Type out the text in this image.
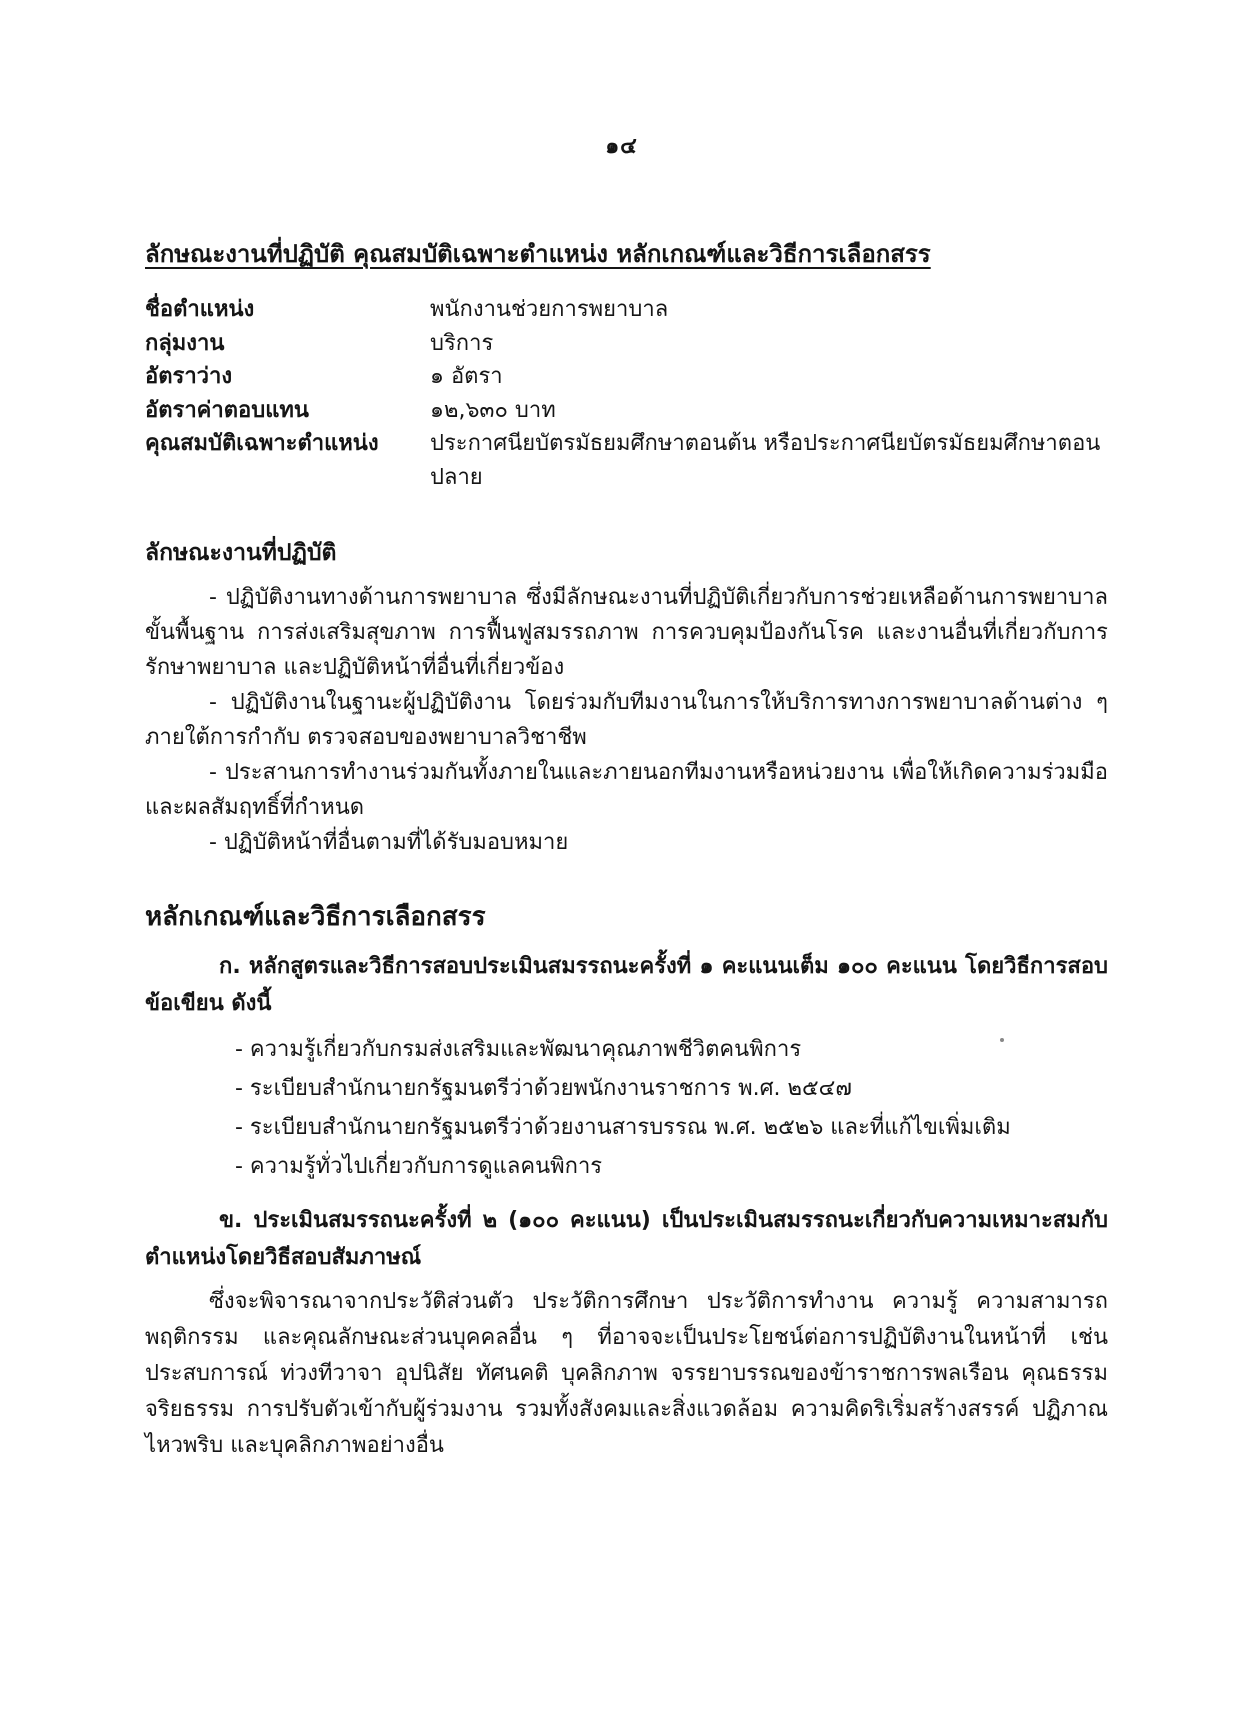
๑๔
ลักษณะงานที่ปฏิบัติ คุณสมบัติเฉพาะตำแหน่ง หลักเกณฑ์และวิธีการเลือกสรร
ชื่อตำแหน่ง	พนักงานช่วยการพยาบาล
กลุ่มงาน	บริการ
อัตราว่าง	๑ อัตรา
อัตราค่าตอบแทน	๑๒,๖๓๐ บาท
คุณสมบัติเฉพาะตำแหน่ง	ประกาศนียบัตรมัธยมศึกษาตอนต้น หรือประกาศนียบัตรมัธยมศึกษาตอนปลาย
ลักษณะงานที่ปฏิบัติ

- ปฏิบัติงานทางด้านการพยาบาล ซึ่งมีลักษณะงานที่ปฏิบัติเกี่ยวกับการช่วยเหลือด้านการพยาบาลขั้นพื้นฐาน การส่งเสริมสุขภาพ การฟื้นฟูสมรรถภาพ การควบคุมป้องกันโรค และงานอื่นที่เกี่ยวกับการรักษาพยาบาล และปฏิบัติหน้าที่อื่นที่เกี่ยวข้อง

- ปฏิบัติงานในฐานะผู้ปฏิบัติงาน โดยร่วมกับทีมงานในการให้บริการทางการพยาบาลด้านต่าง ๆ ภายใต้การกำกับ ตรวจสอบของพยาบาลวิชาชีพ

- ประสานการทำงานร่วมกันทั้งภายในและภายนอกทีมงานหรือหน่วยงาน เพื่อให้เกิดความร่วมมือและผลสัมฤทธิ์ที่กำหนด

- ปฏิบัติหน้าที่อื่นตามที่ได้รับมอบหมาย

หลักเกณฑ์และวิธีการเลือกสรร

ก. หลักสูตรและวิธีการสอบประเมินสมรรถนะครั้งที่ ๑ คะแนนเต็ม ๑๐๐ คะแนน โดยวิธีการสอบข้อเขียน ดังนี้

- ความรู้เกี่ยวกับกรมส่งเสริมและพัฒนาคุณภาพชีวิตคนพิการ
- ระเบียบสำนักนายกรัฐมนตรีว่าด้วยพนักงานราชการ พ.ศ. ๒๕๔๗
- ระเบียบสำนักนายกรัฐมนตรีว่าด้วยงานสารบรรณ พ.ศ. ๒๕๒๖ และที่แก้ไขเพิ่มเติม
- ความรู้ทั่วไปเกี่ยวกับการดูแลคนพิการ

ข. ประเมินสมรรถนะครั้งที่ ๒ (๑๐๐ คะแนน) เป็นประเมินสมรรถนะเกี่ยวกับความเหมาะสมกับตำแหน่งโดยวิธีสอบสัมภาษณ์

ซึ่งจะพิจารณาจากประวัติส่วนตัว ประวัติการศึกษา ประวัติการทำงาน ความรู้ ความสามารถ พฤติกรรม และคุณลักษณะส่วนบุคคลอื่น ๆ ที่อาจจะเป็นประโยชน์ต่อการปฏิบัติงานในหน้าที่ เช่น ประสบการณ์ ท่วงทีวาจา อุปนิสัย ทัศนคติ บุคลิกภาพ จรรยาบรรณของข้าราชการพลเรือน คุณธรรม จริยธรรม การปรับตัวเข้ากับผู้ร่วมงาน รวมทั้งสังคมและสิ่งแวดล้อม ความคิดริเริ่มสร้างสรรค์ ปฏิภาณไหวพริบ และบุคลิกภาพอย่างอื่น
